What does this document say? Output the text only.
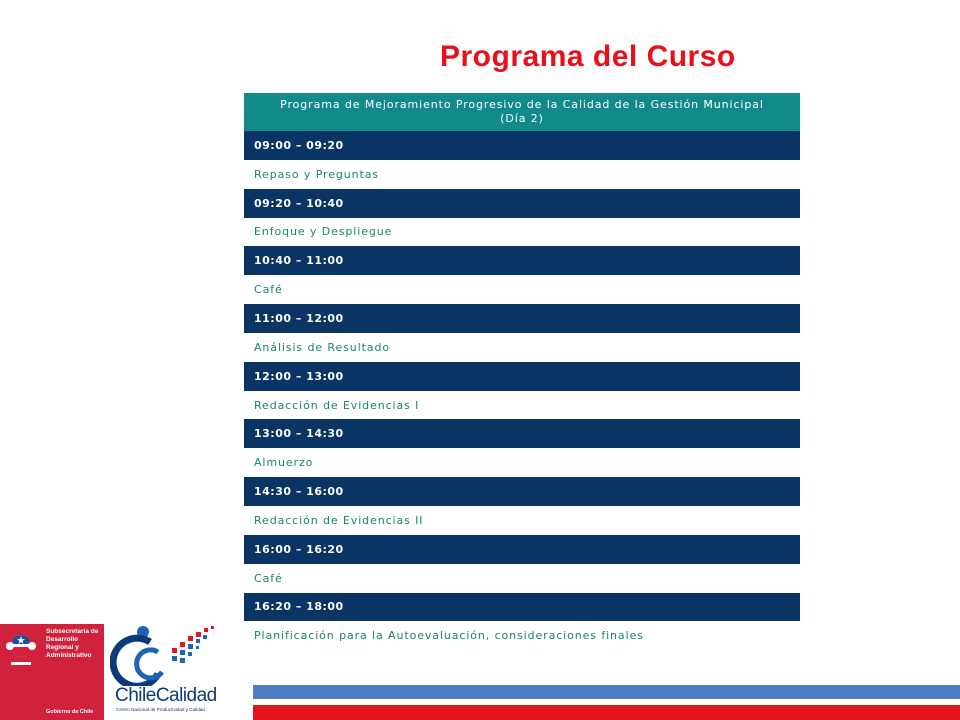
Programa del Curso
Programa de Mejoramiento Progresivo de la Calidad de la Gestión Municipal
(Día 2)
09:00 – 09:20
Repaso y Preguntas
09:20 – 10:40
Enfoque y Despliegue
10:40 – 11:00
Café
11:00 – 12:00
Análisis de Resultado
12:00 – 13:00
Redacción de Evidencias I
13:00 – 14:30
Almuerzo
14:30 – 16:00
Redacción de Evidencias II
16:00 – 16:20
Café
16:20 – 18:00
Planificación para la Autoevaluación, consideraciones finales
Subsecretaría de Desarrollo Regional y Administrativo
Gobierno de Chile
ChileCalidad
Centro Nacional de Productividad y Calidad
